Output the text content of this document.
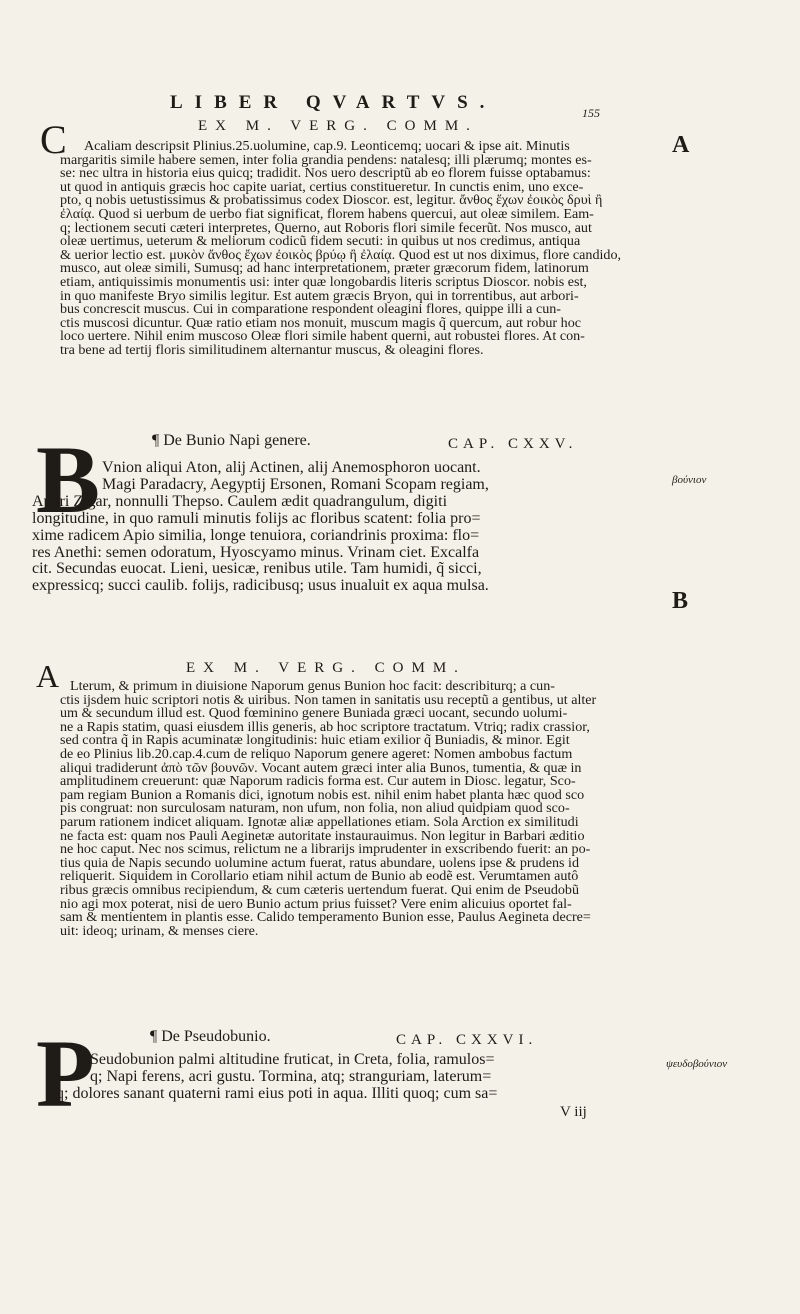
LIBER QVARTVS.	155
EX M. VERG. COMM.
C	Acaliam descripsit Plinius.25.uolumine, cap.9. Leonticemq; uocari & ipse ait. Minutis
margaritis simile habere semen, inter folia grandia pendens: natalesq; illi plærumq; montes es-
se: nec ultra in historia eius quicq; tradidit. Nos uero descriptũ ab eo florem fuisse optabamus:
ut quod in antiquis græcis hoc capite uariat, certius constitueretur. In cunctis enim, uno exce-
pto, q nobis uetustissimus & probatissimus codex Dioscor. est, legitur. ἄνθος ἔχων ἐοικὸς δρυὶ ἢ
ἐλαίᾳ. Quod si uerbum de uerbo fiat significat, florem habens quercui, aut oleæ similem. Eam-
q; lectionem secuti cæteri interpretes, Querno, aut Roboris flori simile fecerũt. Nos musco, aut
oleæ uertimus, ueterum & meliorum codicũ fidem secuti: in quibus ut nos credimus, antiqua
& uerior lectio est. μυκὸν ἄνθος ἔχων ἐοικὸς βρύῳ ἢ ἐλαίᾳ. Quod est ut nos diximus, flore candido,
musco, aut oleæ simili, Sumusq; ad hanc interpretationem, præter græcorum fidem, latinorum
etiam, antiquissimis monumentis usi: inter quæ longobardis literis scriptus Dioscor. nobis est,
in quo manifeste Bryo similis legitur. Est autem græcis Bryon, qui in torrentibus, aut arbori-
bus concrescit muscus. Cui in comparatione respondent oleagini flores, quippe illi a cun-
ctis muscosi dicuntur. Quæ ratio etiam nos monuit, muscum magis q̃ quercum, aut robur hoc
loco uertere. Nihil enim muscoso Oleæ flori simile habent querni, aut robustei flores. At con-
tra bene ad tertij floris similitudinem alternantur muscus, & oleagini flores.
A
¶ De Bunio Napi genere.	CAP. CXXV.
B Vnion aliqui Aton, alij Actinen, alij Anemosphoron uocant.
Magi Paradacry, Aegyptij Ersonen, Romani Scopam regiam,
Aphri Zigar, nonnulli Thepso. Caulem ædit quadrangulum, digiti
longitudine, in quo ramuli minutis folijs ac floribus scatent: folia pro=
xime radicem Apio similia, longe tenuiora, coriandrinis proxima: flo=
res Anethi: semen odoratum, Hyoscyamo minus. Vrinam ciet. Excalfa
cit. Secundas euocat. Lieni, uesicæ, renibus utile. Tam humidi, q̃ sicci,
expressicq; succi caulib. folijs, radicibusq; usus inualuit ex aqua mulsa.
βούνιον
B
EX M. VERG. COMM.
A Lterum, & primum in diuisione Naporum genus Bunion hoc facit: describiturq; a cun-
ctis ijsdem huic scriptori notis & uiribus. Non tamen in sanitatis usu receptũ a gentibus, ut alter
um & secundum illud est. Quod fœminino genere Buniada græci uocant, secundo uolumi-
ne a Rapis statim, quasi eiusdem illis generis, ab hoc scriptore tractatum. Vtriq; radix crassior,
sed contra q̃ in Rapis acuminatæ longitudinis: huic etiam exilior q̃ Buniadis, & minor. Egit
de eo Plinius lib.20.cap.4.cum de reliquo Naporum genere ageret: Nomen ambobus factum
aliqui tradiderunt ἀπὸ τῶν βουνῶν. Vocant autem græci inter alia Bunos, tumentia, & quæ in
amplitudinem creuerunt: quæ Naporum radicis forma est. Cur autem in Diosc. legatur, Sco-
pam regiam Bunion a Romanis dici, ignotum nobis est. nihil enim habet planta hæc quod sco
pis congruat: non surculosam naturam, non ufum, non folia, non aliud quidpiam quod sco-
parum rationem indicet aliquam. Ignotæ aliæ appellationes etiam. Sola Arction ex similitudi
ne facta est: quam nos Pauli Aeginetæ autoritate instaurauimus. Non legitur in Barbari æditio
ne hoc caput. Nec nos scimus, relictum ne a librarijs imprudenter in exscribendo fuerit: an po-
tius quia de Napis secundo uolumine actum fuerat, ratus abundare, uolens ipse & prudens id
reliquerit. Siquidem in Corollario etiam nihil actum de Bunio ab eodẽ est. Verumtamen autô
ribus græcis omnibus recipiendum, & cum cæteris uertendum fuerat. Qui enim de Pseudobũ
nio agi mox poterat, nisi de uero Bunio actum prius fuisset? Vere enim alicuius oportet fal-
sam & mentientem in plantis esse. Calido temperamento Bunion esse, Paulus Aegineta decre=
uit: ideoq; urinam, & menses ciere.
¶ De Pseudobunio.	CAP. CXXVI.
P
Seudobunion palmi altitudine fruticat, in Creta, folia, ramulos=
q; Napi ferens, acri gustu. Tormina, atq; stranguriam, laterum=
q; dolores sanant quaterni rami eius poti in aqua. Illiti quoq; cum sa=
ψευδοβούνιον
V iij
